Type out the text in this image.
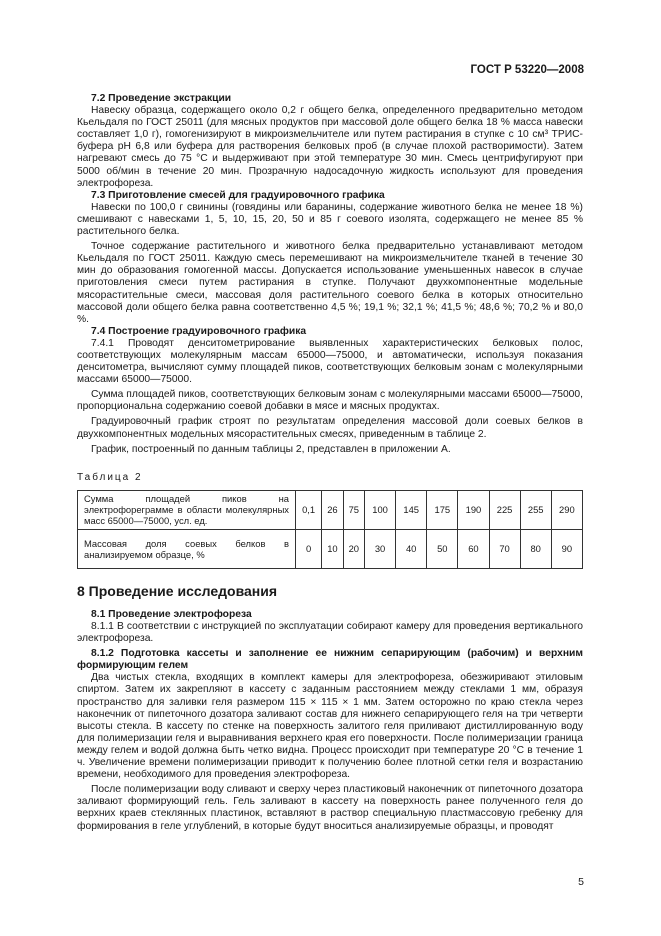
ГОСТ Р 53220—2008

7.2 Проведение экстракции

Навеску образца, содержащего около 0,2 г общего белка, определенного предварительно методом Кьельдаля по ГОСТ 25011 (для мясных продуктов при массовой доле общего белка 18 % масса навески составляет 1,0 г), гомогенизируют в микроизмельчителе или путем растирания в ступке с 10 см³ ТРИС-буфера рН 6,8 или буфера для растворения белковых проб (в случае плохой растворимости). Затем нагревают смесь до 75 °С и выдерживают при этой температуре 30 мин. Смесь центрифугируют при 5000 об/мин в течение 20 мин. Прозрачную надосадочную жидкость используют для проведения электрофореза.

7.3 Приготовление смесей для градуировочного графика

Навески по 100,0 г свинины (говядины или баранины, содержание животного белка не менее 18 %) смешивают с навесками 1, 5, 10, 15, 20, 50 и 85 г соевого изолята, содержащего не менее 85 % растительного белка.

Точное содержание растительного и животного белка предварительно устанавливают методом Кьельдаля по ГОСТ 25011. Каждую смесь перемешивают на микроизмельчителе тканей в течение 30 мин до образования гомогенной массы. Допускается использование уменьшенных навесок в случае приготовления смеси путем растирания в ступке. Получают двухкомпонентные модельные мясорастительные смеси, массовая доля растительного соевого белка в которых относительно массовой доли общего белка равна соответственно 4,5 %; 19,1 %; 32,1 %; 41,5 %; 48,6 %; 70,2 % и 80,0 %.

7.4 Построение градуировочного графика

7.4.1 Проводят денситометрирование выявленных характеристических белковых полос, соответствующих молекулярным массам 65000—75000, и автоматически, используя показания денситометра, вычисляют сумму площадей пиков, соответствующих белковым зонам с молекулярными массами 65000—75000.

Сумма площадей пиков, соответствующих белковым зонам с молекулярными массами 65000—75000, пропорциональна содержанию соевой добавки в мясе и мясных продуктах.

Градуировочный график строят по результатам определения массовой доли соевых белков в двухкомпонентных модельных мясорастительных смесях, приведенным в таблице 2.

График, построенный по данным таблицы 2, представлен в приложении А.

Таблица 2
Сумма площадей пиков на электрофореграмме в области молекулярных масс 65000—75000, усл. ед.	0,1	26	75	100	145	175	190	225	255	290
Массовая доля соевых белков в анализируемом образце, %	0	10	20	30	40	50	60	70	80	90
8 Проведение исследования

8.1 Проведение электрофореза

8.1.1 В соответствии с инструкцией по эксплуатации собирают камеру для проведения вертикального электрофореза.

8.1.2 Подготовка кассеты и заполнение ее нижним сепарирующим (рабочим) и верхним формирующим гелем

Два чистых стекла, входящих в комплект камеры для электрофореза, обезжиривают этиловым спиртом. Затем их закрепляют в кассету с заданным расстоянием между стеклами 1 мм, образуя пространство для заливки геля размером 115 × 115 × 1 мм. Затем осторожно по краю стекла через наконечник от пипеточного дозатора заливают состав для нижнего сепарирующего геля на три четверти высоты стекла. В кассету по стенке на поверхность залитого геля приливают дистиллированную воду для полимеризации геля и выравнивания верхнего края его поверхности. После полимеризации граница между гелем и водой должна быть четко видна. Процесс происходит при температуре 20 °С в течение 1 ч. Увеличение времени полимеризации приводит к получению более плотной сетки геля и возрастанию времени, необходимого для проведения электрофореза.

После полимеризации воду сливают и сверху через пластиковый наконечник от пипеточного дозатора заливают формирующий гель. Гель заливают в кассету на поверхность ранее полученного геля до верхних краев стеклянных пластинок, вставляют в раствор специальную пластмассовую гребенку для формирования в геле углублений, в которые будут вноситься анализируемые образцы, и проводят

5
